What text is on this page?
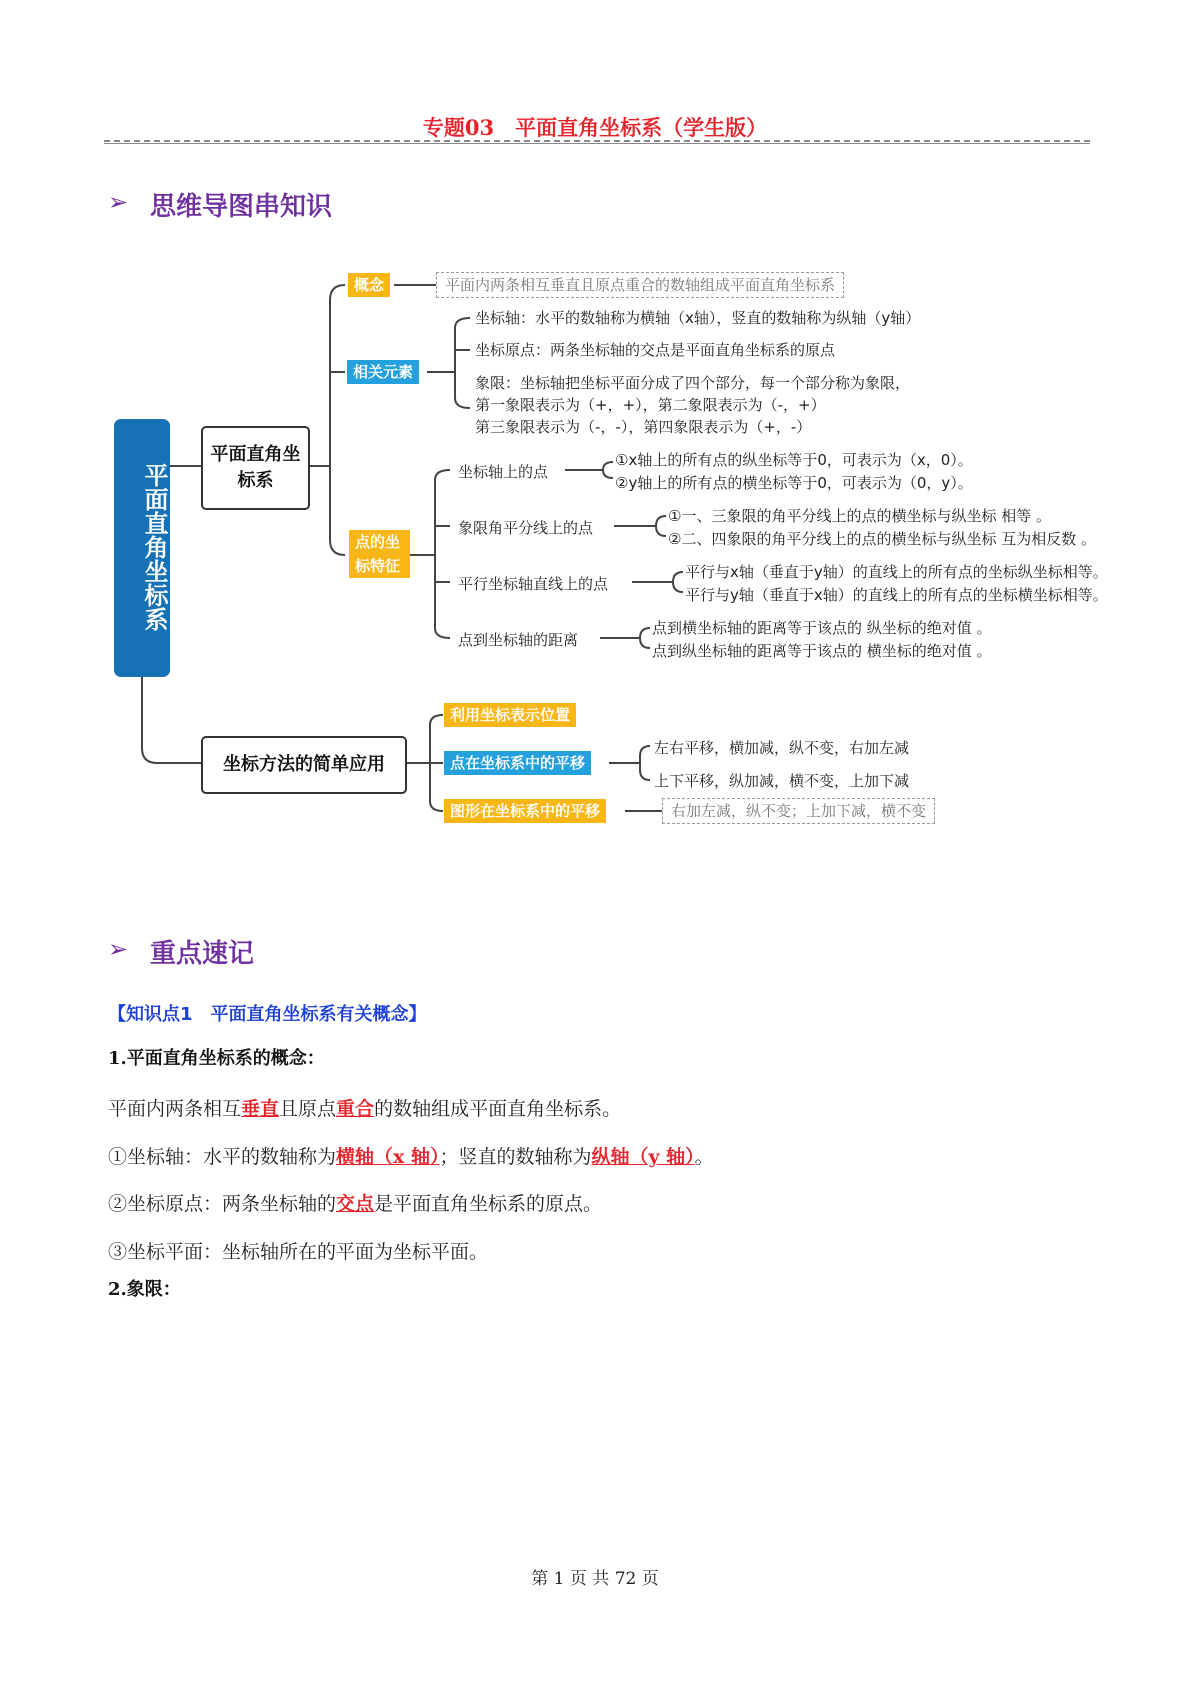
专题03　平面直角坐标系（学生版）
➢ 思维导图串知识
平面直角坐标系
平面直角坐标系
坐标方法的简单应用
概念	平面内两条相互垂直且原点重合的数轴组成平面直角坐标系
相关元素
坐标轴：水平的数轴称为横轴（x轴），竖直的数轴称为纵轴（y轴）
坐标原点：两条坐标轴的交点是平面直角坐标系的原点
象限：坐标轴把坐标平面分成了四个部分，每一个部分称为象限，
第一象限表示为（+，+），第二象限表示为（-，+）
第三象限表示为（-，-），第四象限表示为（+，-）
点的坐标特征
坐标轴上的点
①x轴上的所有点的纵坐标等于0，可表示为（x，0）。
②y轴上的所有点的横坐标等于0，可表示为（0，y）。
象限角平分线上的点
①一、三象限的角平分线上的点的横坐标与纵坐标 相等 。
②二、四象限的角平分线上的点的横坐标与纵坐标 互为相反数 。
平行坐标轴直线上的点
平行与x轴（垂直于y轴）的直线上的所有点的坐标纵坐标相等。
平行与y轴（垂直于x轴）的直线上的所有点的坐标横坐标相等。
点到坐标轴的距离
点到横坐标轴的距离等于该点的 纵坐标的绝对值 。
点到纵坐标轴的距离等于该点的 横坐标的绝对值 。
利用坐标表示位置
点在坐标系中的平移
图形在坐标系中的平移
左右平移，横加减，纵不变，右加左减
上下平移，纵加减，横不变，上加下减
右加左减，纵不变；上加下减，横不变
➢ 重点速记
【知识点1　平面直角坐标系有关概念】
1.平面直角坐标系的概念：
平面内两条相互垂直且原点重合的数轴组成平面直角坐标系。
①坐标轴：水平的数轴称为横轴（x 轴）；竖直的数轴称为纵轴（y 轴）。
②坐标原点：两条坐标轴的交点是平面直角坐标系的原点。
③坐标平面：坐标轴所在的平面为坐标平面。
2.象限：
第 1 页 共 72 页
